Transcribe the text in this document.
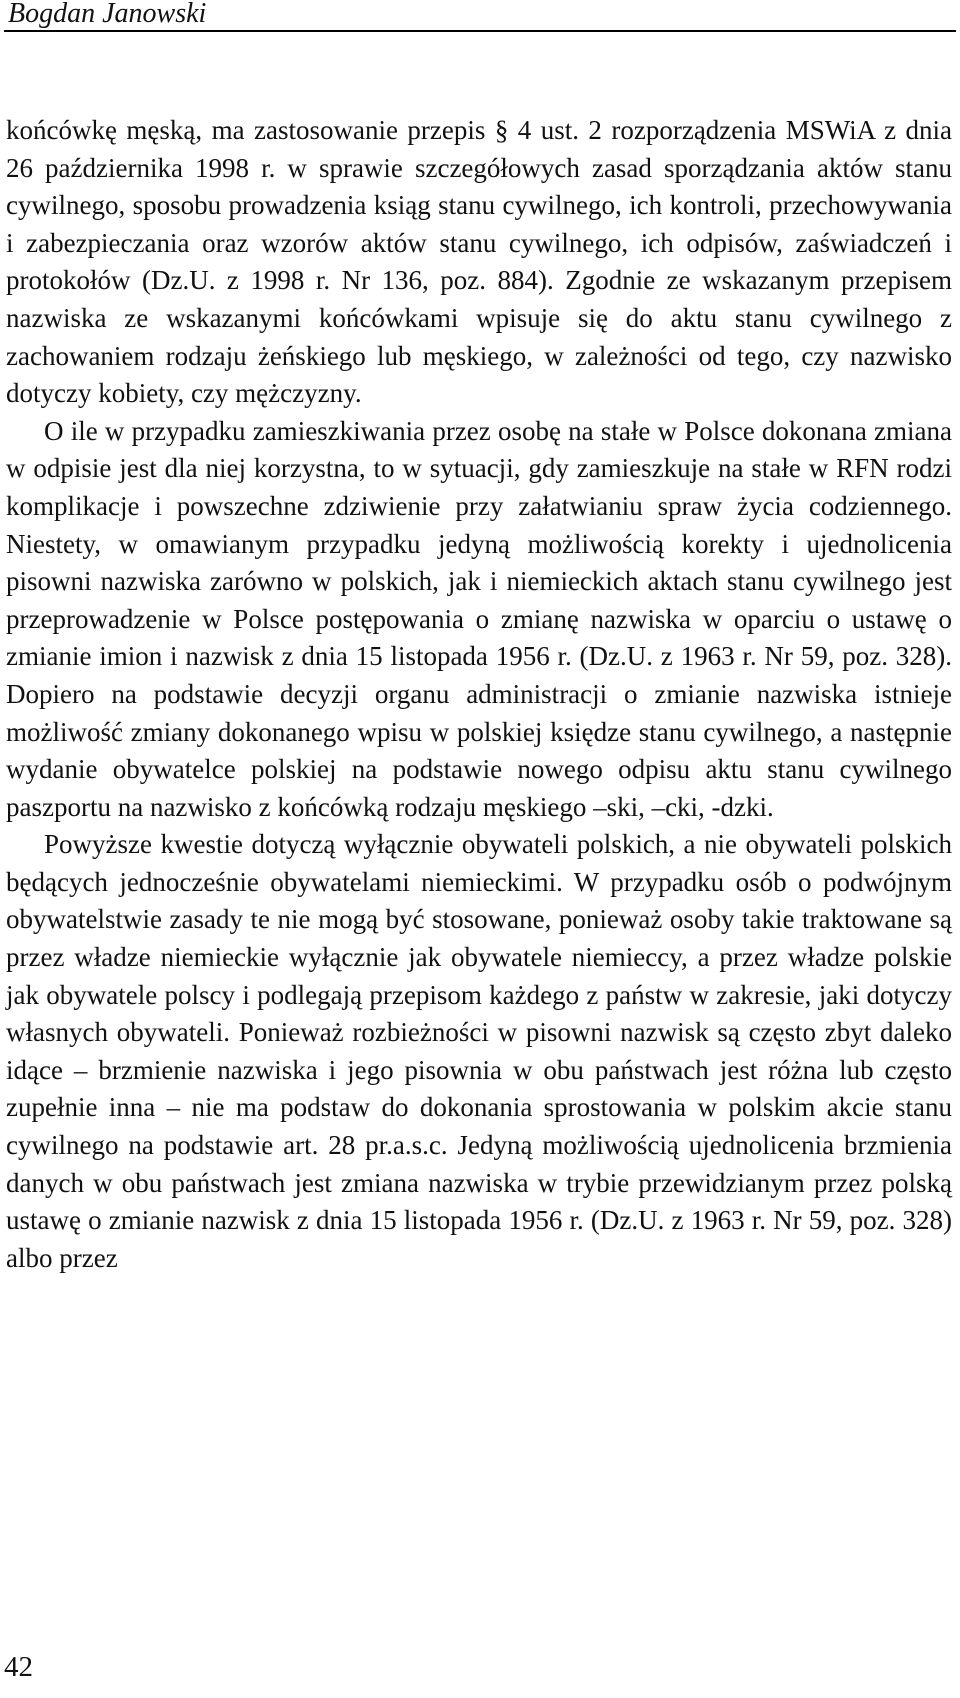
Bogdan Janowski

końcówkę męską, ma zastosowanie przepis § 4 ust. 2 rozporządzenia MSWiA z dnia 26 października 1998 r. w sprawie szczegółowych zasad sporządzania aktów stanu cywilnego, sposobu prowadzenia ksiąg stanu cywilnego, ich kontroli, przechowywania i zabezpieczania oraz wzorów aktów stanu cywilnego, ich odpisów, zaświadczeń i protokołów (Dz.U. z 1998 r. Nr 136, poz. 884). Zgodnie ze wskazanym przepisem nazwiska ze wskazanymi końcówkami wpisuje się do aktu stanu cywilnego z zachowaniem rodzaju żeńskiego lub męskiego, w zależności od tego, czy nazwisko dotyczy kobiety, czy mężczyzny.

O ile w przypadku zamieszkiwania przez osobę na stałe w Polsce dokonana zmiana w odpisie jest dla niej korzystna, to w sytuacji, gdy zamieszkuje na stałe w RFN rodzi komplikacje i powszechne zdziwienie przy załatwianiu spraw życia codziennego. Niestety, w omawianym przypadku jedyną możliwością korekty i ujednolicenia pisowni nazwiska zarówno w polskich, jak i niemieckich aktach stanu cywilnego jest przeprowadzenie w Polsce postępowania o zmianę nazwiska w oparciu o ustawę o zmianie imion i nazwisk z dnia 15 listopada 1956 r. (Dz.U. z 1963 r. Nr 59, poz. 328). Dopiero na podstawie decyzji organu administracji o zmianie nazwiska istnieje możliwość zmiany dokonanego wpisu w polskiej księdze stanu cywilnego, a następnie wydanie obywatelce polskiej na podstawie nowego odpisu aktu stanu cywilnego paszportu na nazwisko z końcówką rodzaju męskiego –ski, –cki, -dzki.

Powyższe kwestie dotyczą wyłącznie obywateli polskich, a nie obywateli polskich będących jednocześnie obywatelami niemieckimi. W przypadku osób o podwójnym obywatelstwie zasady te nie mogą być stosowane, ponieważ osoby takie traktowane są przez władze niemieckie wyłącznie jak obywatele niemieccy, a przez władze polskie jak obywatele polscy i podlegają przepisom każdego z państw w zakresie, jaki dotyczy własnych obywateli. Ponieważ rozbieżności w pisowni nazwisk są często zbyt daleko idące – brzmienie nazwiska i jego pisownia w obu państwach jest różna lub często zupełnie inna – nie ma podstaw do dokonania sprostowania w polskim akcie stanu cywilnego na podstawie art. 28 pr.a.s.c. Jedyną możliwością ujednolicenia brzmienia danych w obu państwach jest zmiana nazwiska w trybie przewidzianym przez polską ustawę o zmianie nazwisk z dnia 15 listopada 1956 r. (Dz.U. z 1963 r. Nr 59, poz. 328) albo przez

42
